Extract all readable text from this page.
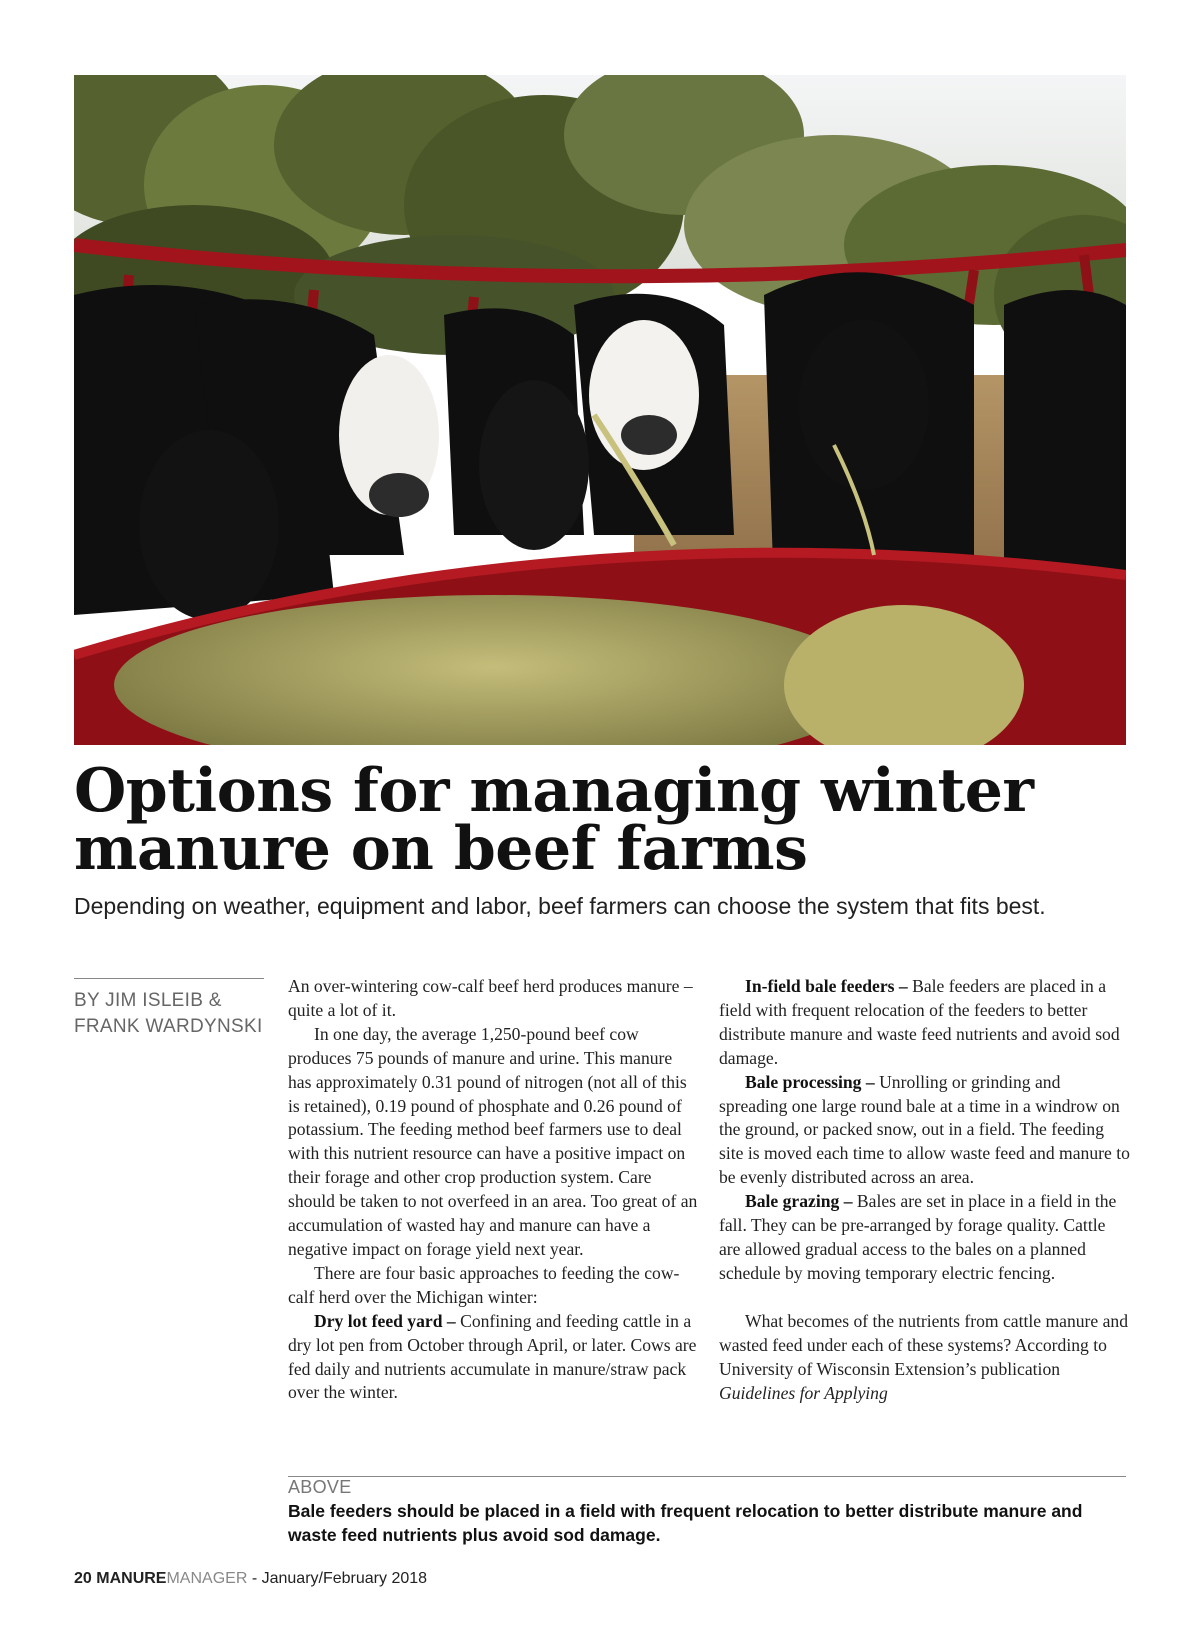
Options for managing winter
manure on beef farms

Depending on weather, equipment and labor, beef farmers can choose the system that fits best.

BY JIM ISLEIB &
FRANK WARDYNSKI

An over-wintering cow-calf beef herd produces manure – quite a lot of it.

In one day, the average 1,250-pound beef cow produces 75 pounds of manure and urine. This manure has approximately 0.31 pound of nitrogen (not all of this is retained), 0.19 pound of phosphate and 0.26 pound of potassium. The feeding method beef farmers use to deal with this nutrient resource can have a positive impact on their forage and other crop production system. Care should be taken to not overfeed in an area. Too great of an accumulation of wasted hay and manure can have a negative impact on forage yield next year.

There are four basic approaches to feeding the cow-calf herd over the Michigan winter:

Dry lot feed yard – Confining and feeding cattle in a dry lot pen from October through April, or later. Cows are fed daily and nutrients accumulate in manure/straw pack over the winter.

In-field bale feeders – Bale feeders are placed in a field with frequent relocation of the feeders to better distribute manure and waste feed nutrients and avoid sod damage.

Bale processing – Unrolling or grinding and spreading one large round bale at a time in a windrow on the ground, or packed snow, out in a field. The feeding site is moved each time to allow waste feed and manure to be evenly distributed across an area.

Bale grazing – Bales are set in place in a field in the fall. They can be pre-arranged by forage quality. Cattle are allowed gradual access to the bales on a planned schedule by moving temporary electric fencing.

What becomes of the nutrients from cattle manure and wasted feed under each of these systems? According to University of Wisconsin Extension’s publication Guidelines for Applying

ABOVE
Bale feeders should be placed in a field with frequent relocation to better distribute manure and waste feed nutrients plus avoid sod damage.
20 MANUREMANAGER - January/February 2018
